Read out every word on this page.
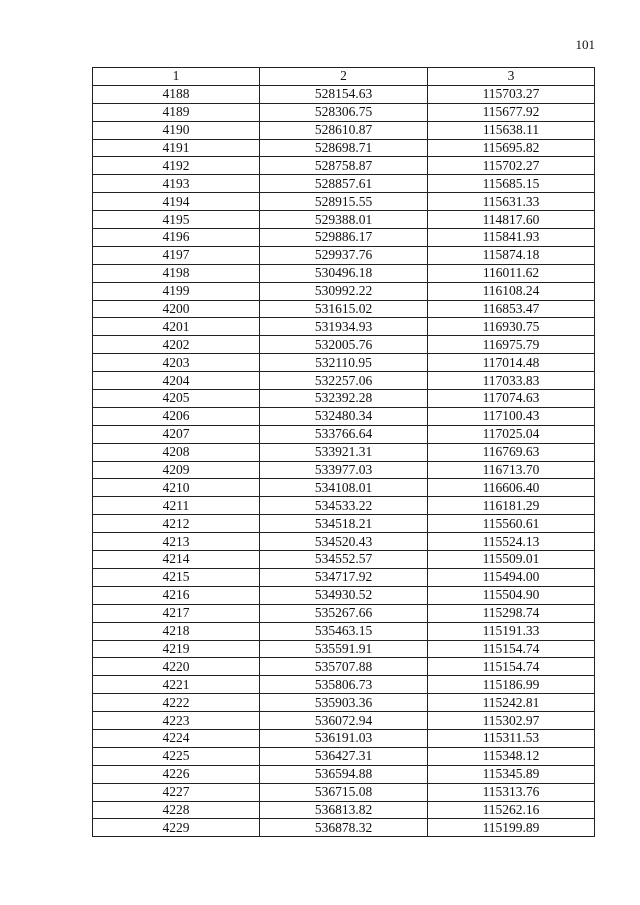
101
1	2	3
4188	528154.63	115703.27
4189	528306.75	115677.92
4190	528610.87	115638.11
4191	528698.71	115695.82
4192	528758.87	115702.27
4193	528857.61	115685.15
4194	528915.55	115631.33
4195	529388.01	114817.60
4196	529886.17	115841.93
4197	529937.76	115874.18
4198	530496.18	116011.62
4199	530992.22	116108.24
4200	531615.02	116853.47
4201	531934.93	116930.75
4202	532005.76	116975.79
4203	532110.95	117014.48
4204	532257.06	117033.83
4205	532392.28	117074.63
4206	532480.34	117100.43
4207	533766.64	117025.04
4208	533921.31	116769.63
4209	533977.03	116713.70
4210	534108.01	116606.40
4211	534533.22	116181.29
4212	534518.21	115560.61
4213	534520.43	115524.13
4214	534552.57	115509.01
4215	534717.92	115494.00
4216	534930.52	115504.90
4217	535267.66	115298.74
4218	535463.15	115191.33
4219	535591.91	115154.74
4220	535707.88	115154.74
4221	535806.73	115186.99
4222	535903.36	115242.81
4223	536072.94	115302.97
4224	536191.03	115311.53
4225	536427.31	115348.12
4226	536594.88	115345.89
4227	536715.08	115313.76
4228	536813.82	115262.16
4229	536878.32	115199.89
